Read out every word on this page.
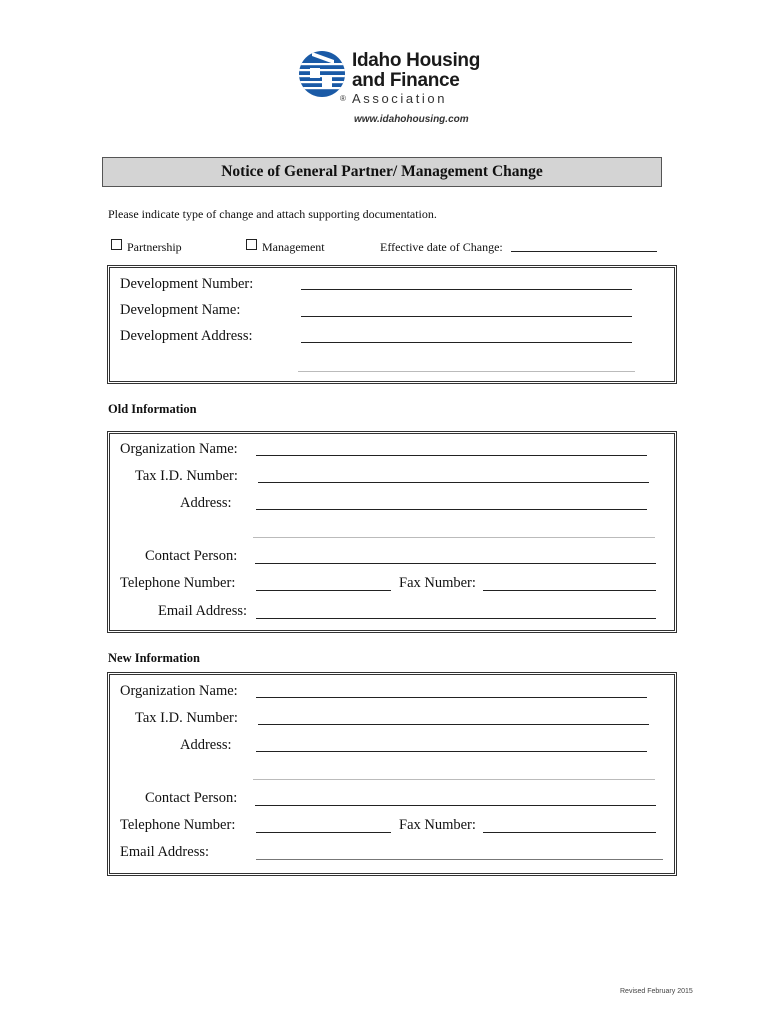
®
Idaho Housing
and Finance
Association
www.idahohousing.com
Notice of General Partner/ Management Change
Please indicate type of change and attach supporting documentation.
Partnership	Management	Effective date of Change:
Development Number:
Development Name:
Development Address:
Old Information
Organization Name:
Tax I.D. Number:
Address:
Contact Person:
Telephone Number:	Fax Number:
Email Address:
New Information
Organization Name:
Tax I.D. Number:
Address:
Contact Person:
Telephone Number:	Fax Number:
Email Address:
Revised February 2015
